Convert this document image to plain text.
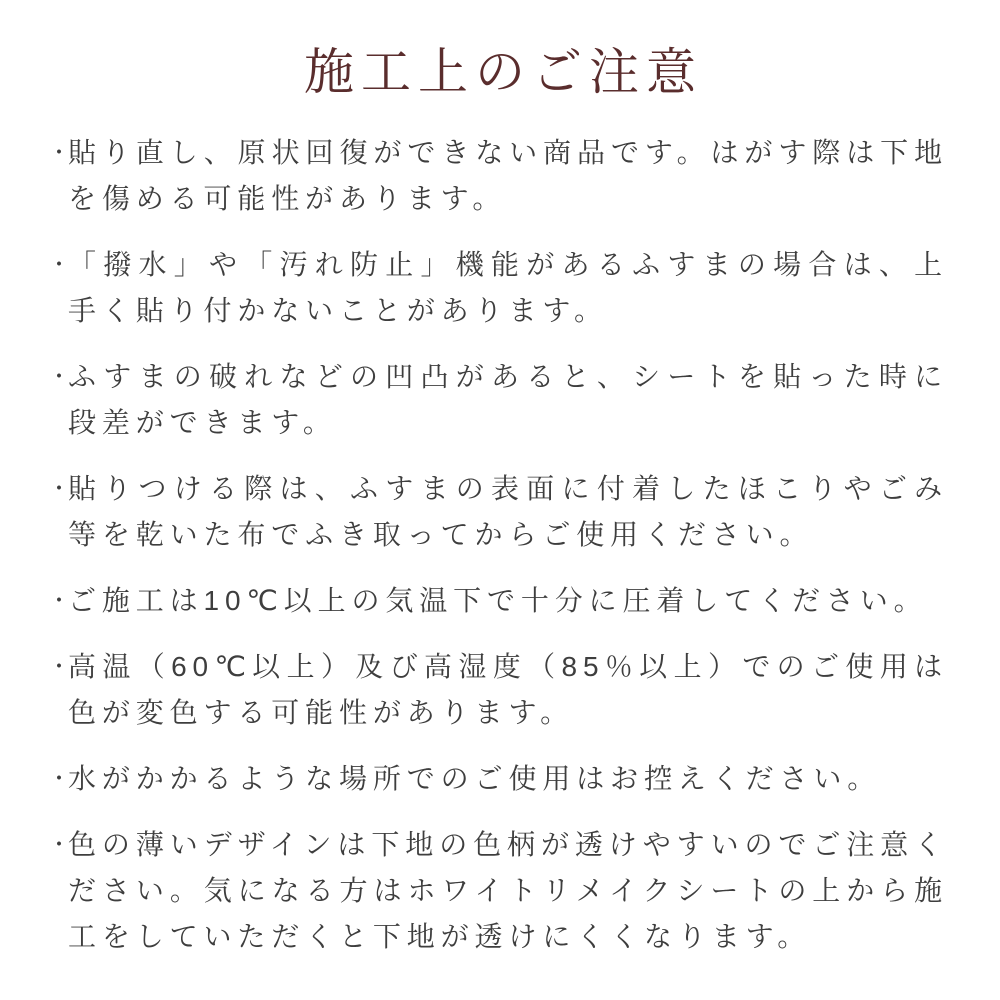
施工上のご注意
・
貼り直し、原状回復ができない商品です。はがす際は下地を傷める可能性があります。
・
「撥水」や「汚れ防止」機能があるふすまの場合は、上手く貼り付かないことがあります。
・
ふすまの破れなどの凹凸があると、シートを貼った時に段差ができます。
・
貼りつける際は、ふすまの表面に付着したほこりやごみ等を乾いた布でふき取ってからご使用ください。
・
ご施工は10℃以上の気温下で十分に圧着してください。
・
高温（60℃以上）及び高湿度（85％以上）でのご使用は色が変色する可能性があります。
・
水がかかるような場所でのご使用はお控えください。
・
色の薄いデザインは下地の色柄が透けやすいのでご注意ください。気になる方はホワイトリメイクシートの上から施工をしていただくと下地が透けにくくなります。
